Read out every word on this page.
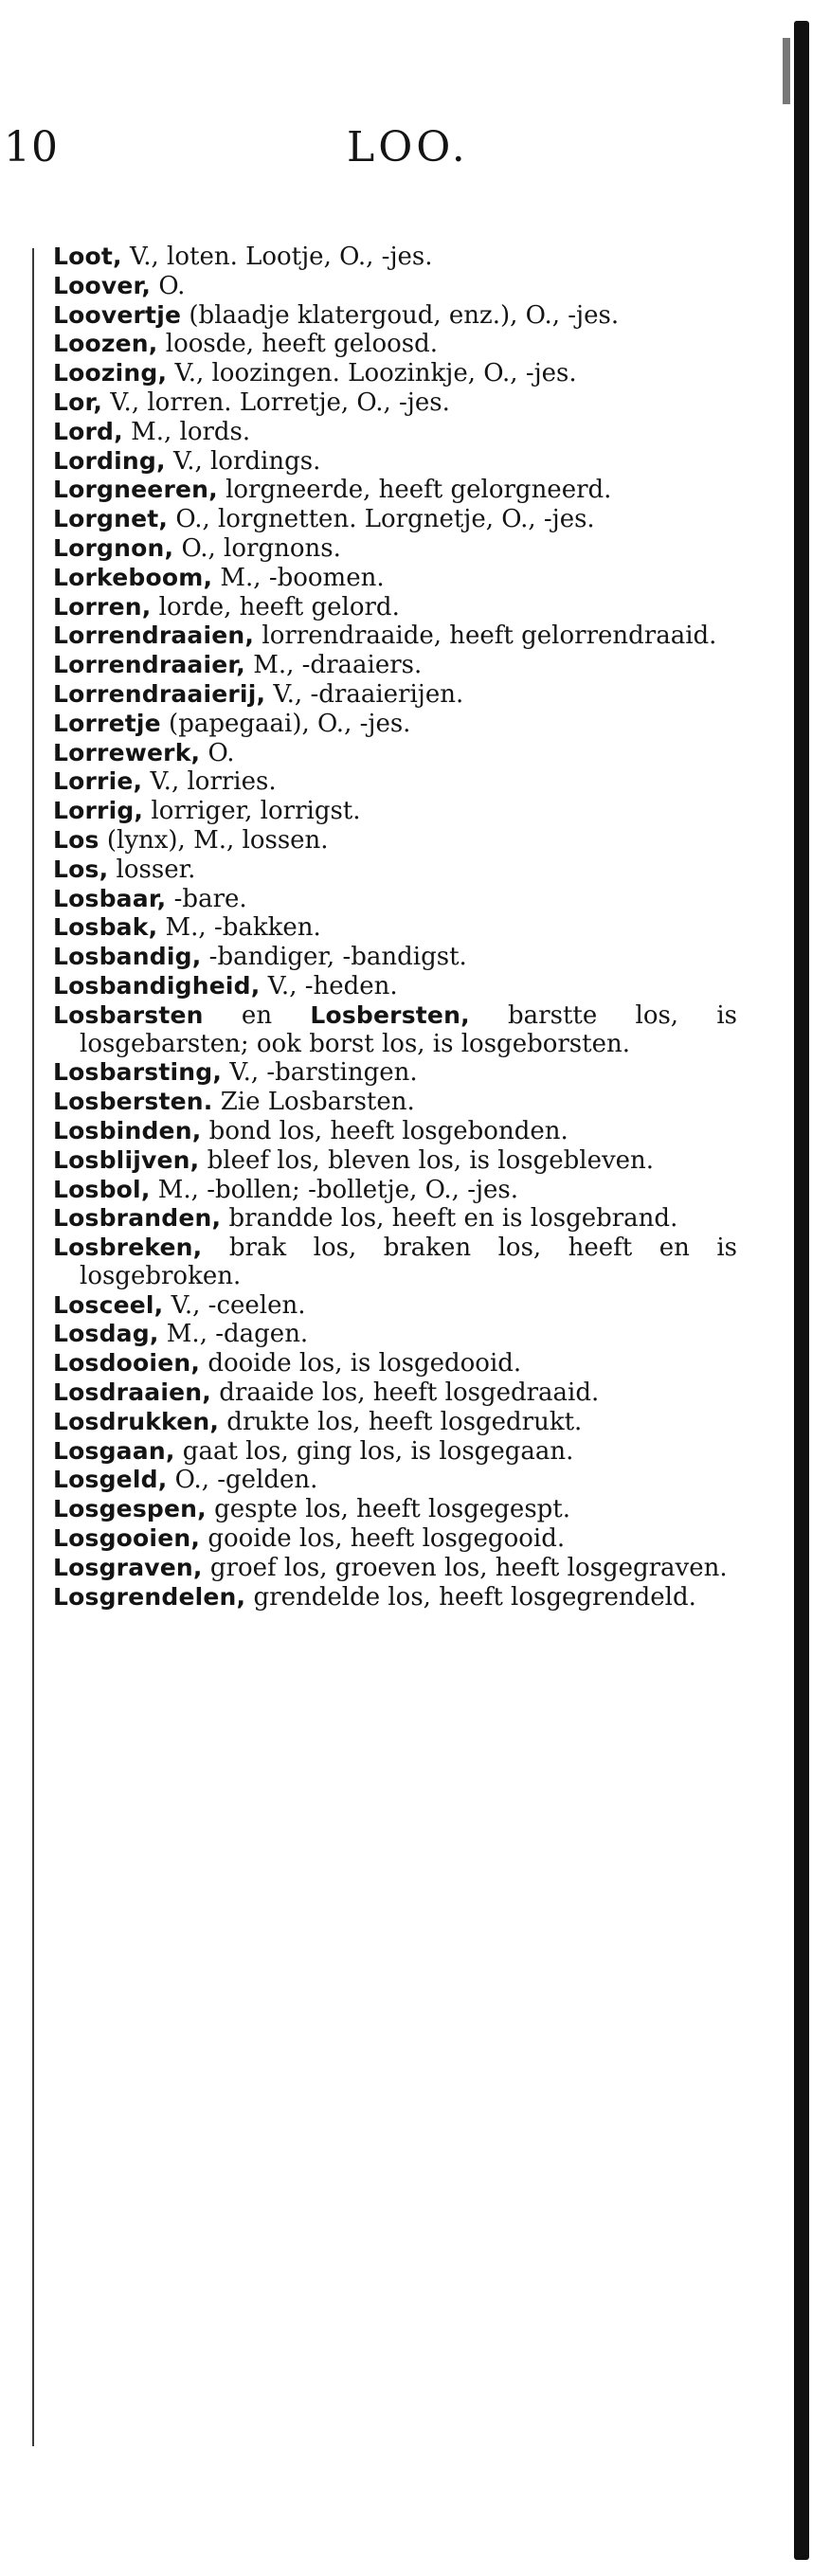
10	LOO.
Loot, V., loten. Lootje, O., -jes.
Loover, O.
Loovertje (blaadje klatergoud, enz.), O., -jes.
Loozen, loosde, heeft geloosd.
Loozing, V., loozingen. Loozinkje, O., -jes.
Lor, V., lorren. Lorretje, O., -jes.
Lord, M., lords.
Lording, V., lordings.
Lorgneeren, lorgneerde, heeft gelorgneerd.
Lorgnet, O., lorgnetten. Lorgnetje, O., -jes.
Lorgnon, O., lorgnons.
Lorkeboom, M., -boomen.
Lorren, lorde, heeft gelord.
Lorrendraaien, lorrendraaide, heeft gelorrendraaid.
Lorrendraaier, M., -draaiers.
Lorrendraaierij, V., -draaierijen.
Lorretje (papegaai), O., -jes.
Lorrewerk, O.
Lorrie, V., lorries.
Lorrig, lorriger, lorrigst.
Los (lynx), M., lossen.
Los, losser.
Losbaar, -bare.
Losbak, M., -bakken.
Losbandig, -bandiger, -bandigst.
Losbandigheid, V., -heden.
Losbarsten en Losbersten, barstte los, is losgebarsten; ook borst los, is losgeborsten.
Losbarsting, V., -barstingen.
Losbersten. Zie Losbarsten.
Losbinden, bond los, heeft losgebonden.
Losblijven, bleef los, bleven los, is losgebleven.
Losbol, M., -bollen; -bolletje, O., -jes.
Losbranden, brandde los, heeft en is losgebrand.
Losbreken, brak los, braken los, heeft en is losgebroken.
Losceel, V., -ceelen.
Losdag, M., -dagen.
Losdooien, dooide los, is losgedooid.
Losdraaien, draaide los, heeft losgedraaid.
Losdrukken, drukte los, heeft losgedrukt.
Losgaan, gaat los, ging los, is losgegaan.
Losgeld, O., -gelden.
Losgespen, gespte los, heeft losgegespt.
Losgooien, gooide los, heeft losgegooid.
Losgraven, groef los, groeven los, heeft losgegraven.
Losgrendelen, grendelde los, heeft losgegrendeld.
